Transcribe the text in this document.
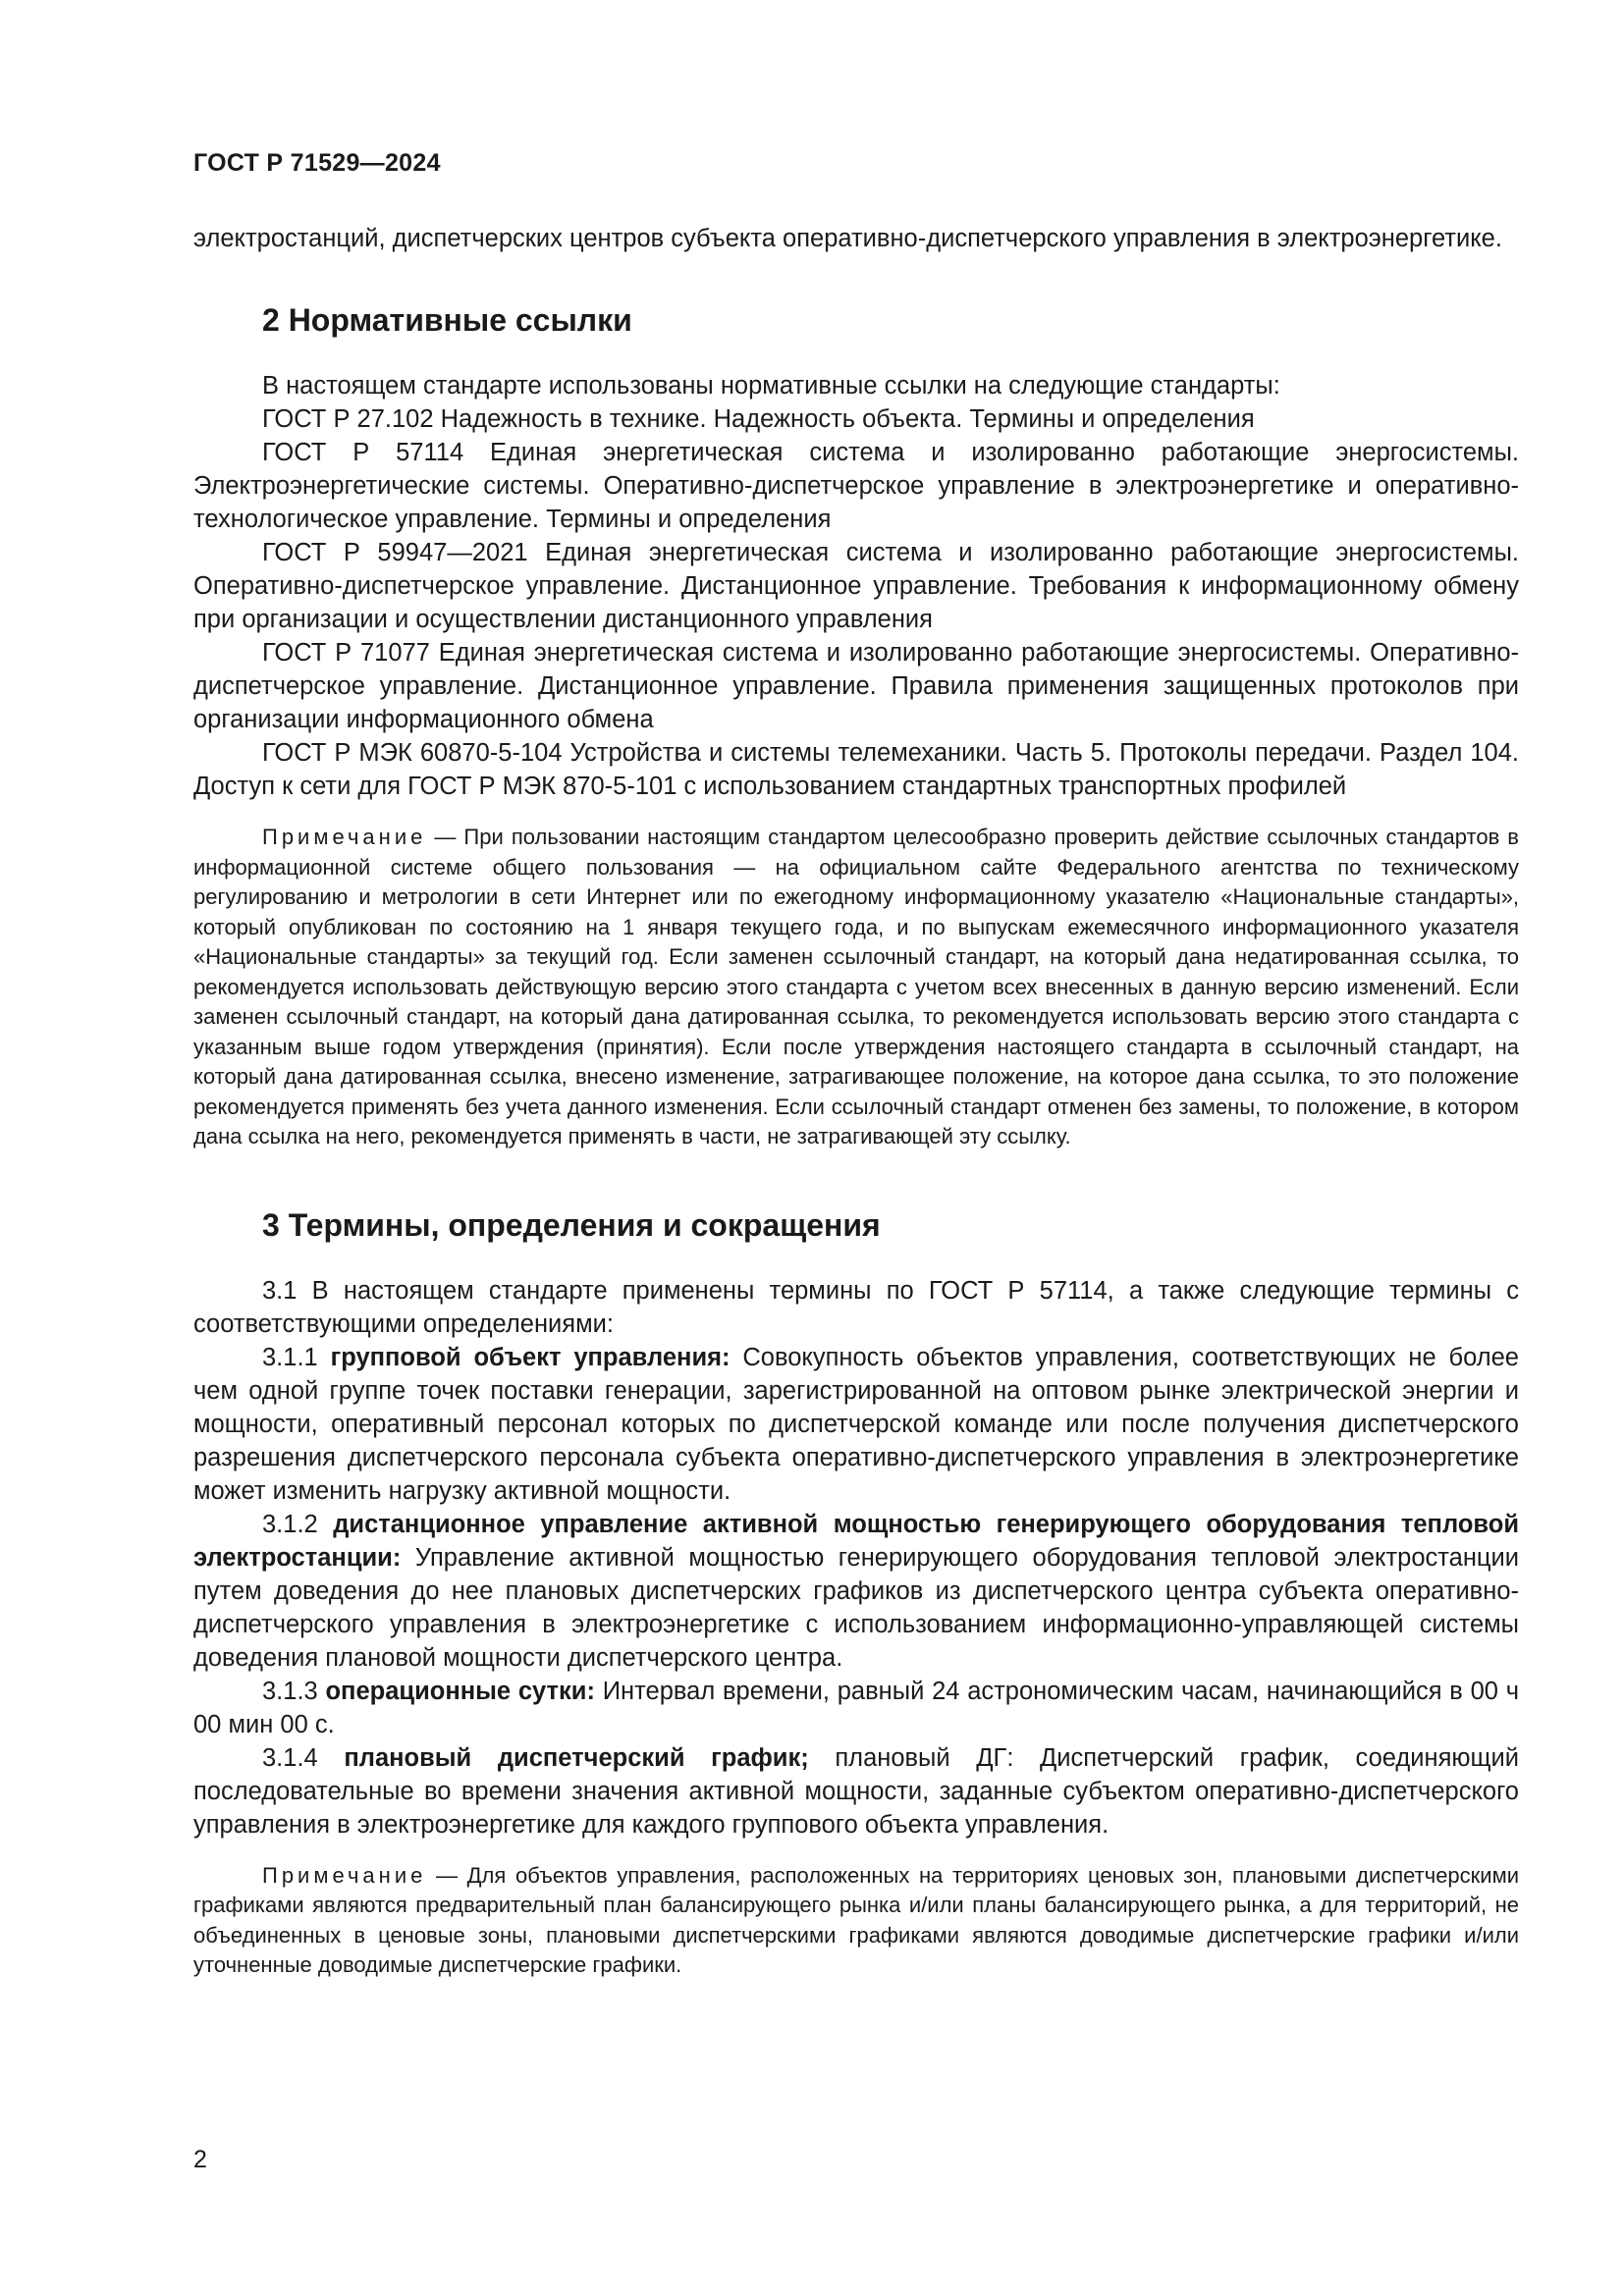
ГОСТ Р 71529—2024

электростанций, диспетчерских центров субъекта оперативно-диспетчерского управления в электроэнергетике.

2 Нормативные ссылки

В настоящем стандарте использованы нормативные ссылки на следующие стандарты:

ГОСТ Р 27.102 Надежность в технике. Надежность объекта. Термины и определения

ГОСТ Р 57114 Единая энергетическая система и изолированно работающие энергосистемы. Электроэнергетические системы. Оперативно-диспетчерское управление в электроэнергетике и оперативно-технологическое управление. Термины и определения

ГОСТ Р 59947—2021 Единая энергетическая система и изолированно работающие энергосистемы. Оперативно-диспетчерское управление. Дистанционное управление. Требования к информационному обмену при организации и осуществлении дистанционного управления

ГОСТ Р 71077 Единая энергетическая система и изолированно работающие энергосистемы. Оперативно-диспетчерское управление. Дистанционное управление. Правила применения защищенных протоколов при организации информационного обмена

ГОСТ Р МЭК 60870-5-104 Устройства и системы телемеханики. Часть 5. Протоколы передачи. Раздел 104. Доступ к сети для ГОСТ Р МЭК 870-5-101 с использованием стандартных транспортных профилей

Примечание — При пользовании настоящим стандартом целесообразно проверить действие ссылочных стандартов в информационной системе общего пользования — на официальном сайте Федерального агентства по техническому регулированию и метрологии в сети Интернет или по ежегодному информационному указателю «Национальные стандарты», который опубликован по состоянию на 1 января текущего года, и по выпускам ежемесячного информационного указателя «Национальные стандарты» за текущий год. Если заменен ссылочный стандарт, на который дана недатированная ссылка, то рекомендуется использовать действующую версию этого стандарта с учетом всех внесенных в данную версию изменений. Если заменен ссылочный стандарт, на который дана датированная ссылка, то рекомендуется использовать версию этого стандарта с указанным выше годом утверждения (принятия). Если после утверждения настоящего стандарта в ссылочный стандарт, на который дана датированная ссылка, внесено изменение, затрагивающее положение, на которое дана ссылка, то это положение рекомендуется применять без учета данного изменения. Если ссылочный стандарт отменен без замены, то положение, в котором дана ссылка на него, рекомендуется применять в части, не затрагивающей эту ссылку.

3 Термины, определения и сокращения

3.1 В настоящем стандарте применены термины по ГОСТ Р 57114, а также следующие термины с соответствующими определениями:

3.1.1 групповой объект управления: Совокупность объектов управления, соответствующих не более чем одной группе точек поставки генерации, зарегистрированной на оптовом рынке электрической энергии и мощности, оперативный персонал которых по диспетчерской команде или после получения диспетчерского разрешения диспетчерского персонала субъекта оперативно-диспетчерского управления в электроэнергетике может изменить нагрузку активной мощности.

3.1.2 дистанционное управление активной мощностью генерирующего оборудования тепловой электростанции: Управление активной мощностью генерирующего оборудования тепловой электростанции путем доведения до нее плановых диспетчерских графиков из диспетчерского центра субъекта оперативно-диспетчерского управления в электроэнергетике с использованием информационно-управляющей системы доведения плановой мощности диспетчерского центра.

3.1.3 операционные сутки: Интервал времени, равный 24 астрономическим часам, начинающийся в 00 ч 00 мин 00 с.

3.1.4 плановый диспетчерский график; плановый ДГ: Диспетчерский график, соединяющий последовательные во времени значения активной мощности, заданные субъектом оперативно-диспетчерского управления в электроэнергетике для каждого группового объекта управления.

Примечание — Для объектов управления, расположенных на территориях ценовых зон, плановыми диспетчерскими графиками являются предварительный план балансирующего рынка и/или планы балансирующего рынка, а для территорий, не объединенных в ценовые зоны, плановыми диспетчерскими графиками являются доводимые диспетчерские графики и/или уточненные доводимые диспетчерские графики.

2
